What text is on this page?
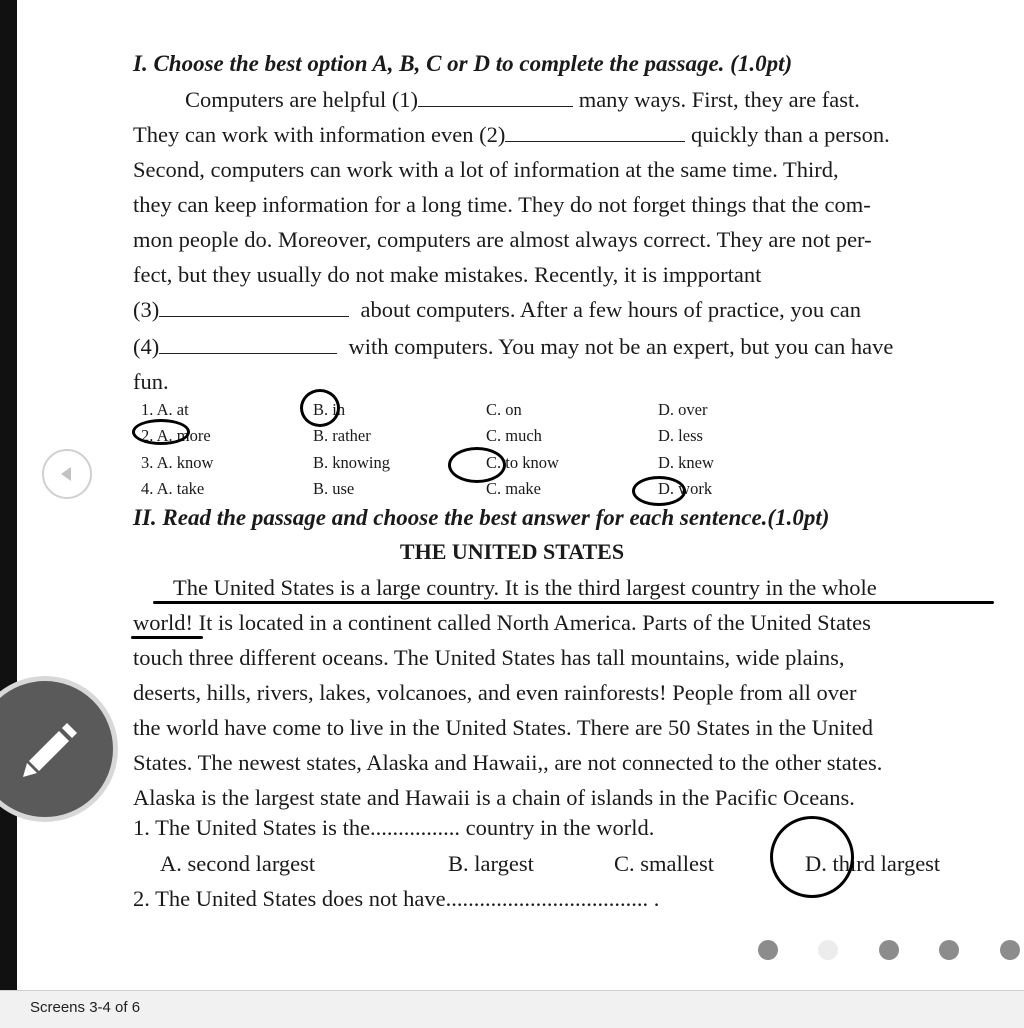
I. Choose the best option A, B, C or D to complete the passage. (1.0pt)
Computers are helpful (1)	many ways. First, they are fast.
They can work with information even (2)	quickly than a person.
Second, computers can work with a lot of information at the same time. Third,
they can keep information for a long time. They do not forget things that the com-
mon people do. Moreover, computers are almost always correct. They are not per-
fect, but they usually do not make mistakes. Recently, it is impportant
(3)	about computers. After a few hours of practice, you can
(4)	with computers. You may not be an expert, but you can have
fun.
1. A. at	B. in	C. on	D. over
2. A. more	B. rather	C. much	D. less
3. A. know	B. knowing	C. to know	D. knew
4. A. take	B. use	C. make	D. work
II. Read the passage and choose the best answer for each sentence.(1.0pt)
THE UNITED STATES
The United States is a large country. It is the third largest country in the whole
world! It is located in a continent called North America. Parts of the United States
touch three different oceans. The United States has tall mountains, wide plains,
deserts, hills, rivers, lakes, volcanoes, and even rainforests! People from all over
the world have come to live in the United States. There are 50 States in the United
States. The newest states, Alaska and Hawaii,, are not connected to the other states.
Alaska is the largest state and Hawaii is a chain of islands in the Pacific Oceans.
1. The United States is the................ country in the world.
A. second largest	B. largest	C. smallest	D. third largest
2. The United States does not have.................................... .
Screens 3-4 of 6
